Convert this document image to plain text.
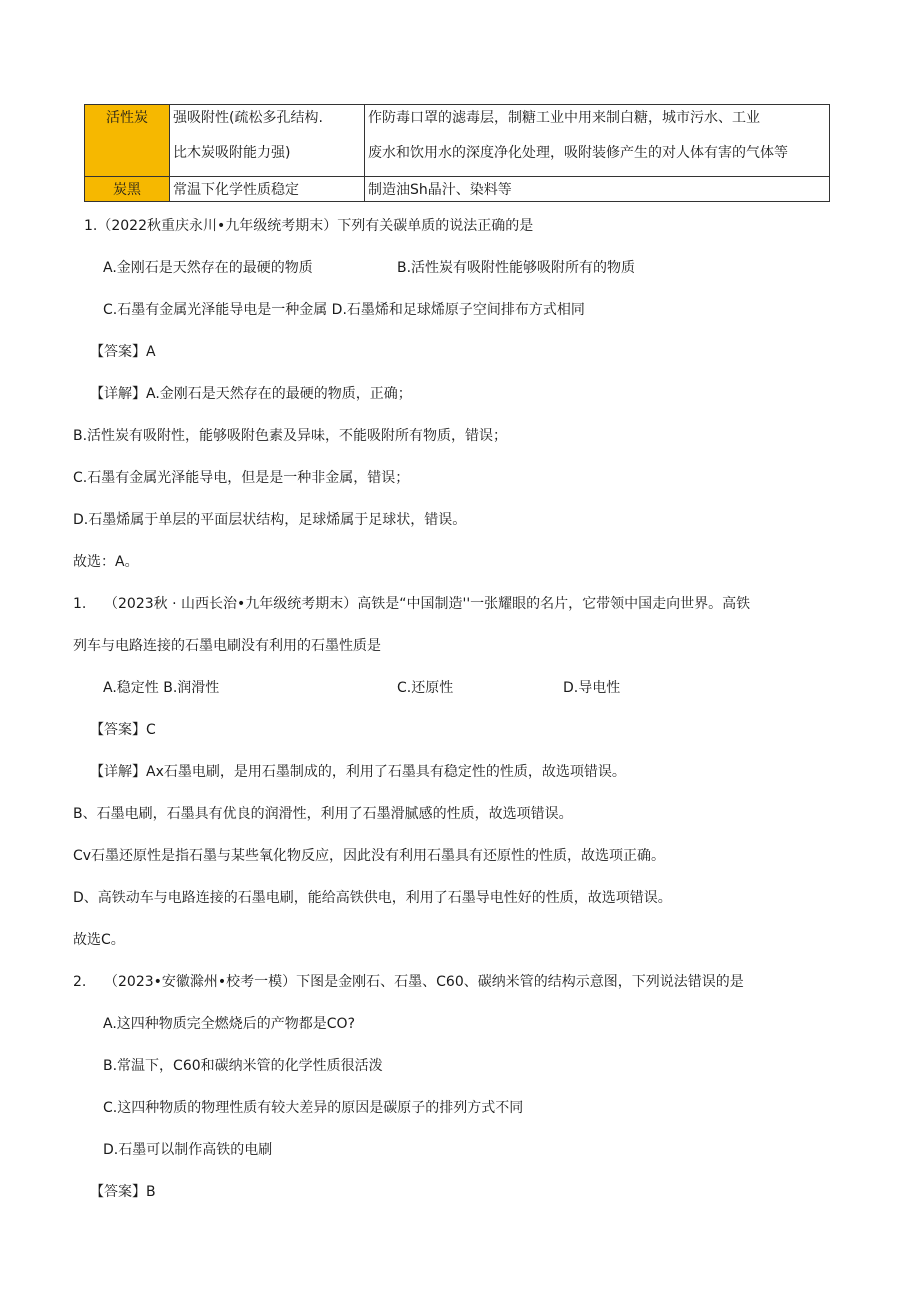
活性炭	强吸附性(疏松多孔结构.	作防毒口罩的滤毒层，制糖工业中用来制白糖，城市污水、工业
	比木炭吸附能力强)	废水和饮用水的深度净化处理，吸附装修产生的对人体有害的气体等
炭黑	常温下化学性质稳定	制造油Sh晶汁、染料等
1.（2022秋重庆永川•九年级统考期末）下列有关碳单质的说法正确的是
A.金刚石是天然存在的最硬的物质	B.活性炭有吸附性能够吸附所有的物质
C.石墨有金属光泽能导电是一种金属 D.石墨烯和足球烯原子空间排布方式相同
【答案】A
【详解】A.金刚石是天然存在的最硬的物质，正确；
B.活性炭有吸附性，能够吸附色素及异味，不能吸附所有物质，错误；
C.石墨有金属光泽能导电，但是是一种非金属，错误；
D.石墨烯属于单层的平面层状结构，足球烯属于足球状，错误。
故选：A。
1. （2023秋 · 山西长治•九年级统考期末）高铁是“中国制造''一张耀眼的名片，它带领中国走向世界。高铁
列车与电路连接的石墨电刷没有利用的石墨性质是
A.稳定性 B.润滑性	C.还原性	D.导电性
【答案】C
【详解】Ax石墨电刷，是用石墨制成的，利用了石墨具有稳定性的性质，故选项错误。
B、石墨电刷，石墨具有优良的润滑性，利用了石墨滑腻感的性质，故选项错误。
Cv石墨还原性是指石墨与某些氧化物反应，因此没有利用石墨具有还原性的性质，故选项正确。
D、高铁动车与电路连接的石墨电刷，能给高铁供电，利用了石墨导电性好的性质，故选项错误。
故选C。
2. （2023•安徽滁州•校考一模）下图是金刚石、石墨、C60、碳纳米管的结构示意图，下列说法错误的是
A.这四种物质完全燃烧后的产物都是CO?
B.常温下，C60和碳纳米管的化学性质很活泼
C.这四种物质的物理性质有较大差异的原因是碳原子的排列方式不同
D.石墨可以制作高铁的电刷
【答案】B
